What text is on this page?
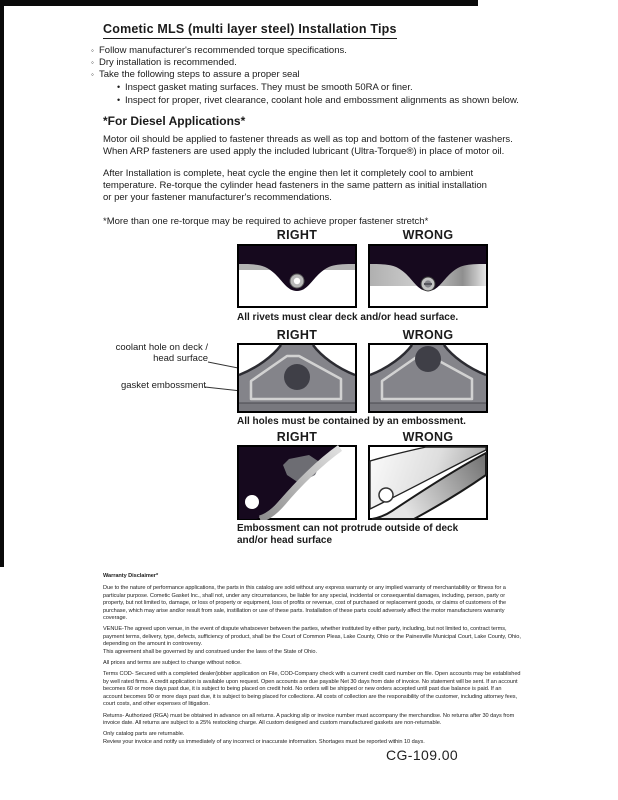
Cometic MLS (multi layer steel) Installation Tips
◦ Follow manufacturer's recommended torque specifications.
◦ Dry installation is recommended.
◦ Take the following steps to assure a proper seal
• Inspect gasket mating surfaces. They must be smooth 50RA or finer.
• Inspect for proper, rivet clearance, coolant hole and embossment alignments as shown below.
*For Diesel Applications*
Motor oil should be applied to fastener threads as well as top and bottom of the fastener washers.
When ARP fasteners are used apply the included lubricant (Ultra-Torque®) in place of motor oil.
After Installation is complete, heat cycle the engine then let it completely cool to ambient
temperature. Re-torque the cylinder head fasteners in the same pattern as initial installation
or per your fastener manufacturer's recommendations.
*More than one re-torque may be required to achieve proper fastener stretch*
RIGHT	WRONG
All rivets must clear deck and/or head surface.
RIGHT	WRONG
coolant hole on deck / head surface
gasket embossment
All holes must be contained by an embossment.
RIGHT	WRONG
Embossment can not protrude outside of deck and/or head surface
Warranty Disclaimer*

Due to the nature of performance applications, the parts in this catalog are sold without any express warranty or any implied warranty of merchantability or fitness for a particular purpose. Cometic Gasket Inc., shall not, under any circumstances, be liable for any special, incidental or consequential damages, including, person, party or property, but not limited to, damage, or loss of property or equipment, loss of profits or revenue, cost of purchased or replacement goods, or claims of customers of the purchase, which may arise and/or result from sale, instillation or use of these parts. Installation of these parts could adversely affect the motor manufacturers warranty coverage.

VENUE-The agreed upon venue, in the event of dispute whatsoever between the parties, whether instituted by either party, including, but not limited to, contract terms, payment terms, delivery, type, defects, sufficiency of product, shall be the Court of Common Pleas, Lake County, Ohio or the Painesville Municipal Court, Lake County, Ohio, depending on the amount in controversy.

This agreement shall be governed by and construed under the laws of the State of Ohio.

All prices and terms are subject to change without notice.

Terms COD- Secured with a completed dealer/jobber application on File, COD-Company check with a current credit card number on file. Open accounts may be established by well rated firms. A credit application is available upon request. Open accounts are due payable Net 30 days from date of invoice. No statement will be sent. If an account becomes 60 or more days past due, it is subject to being placed on credit hold. No orders will be shipped or new orders accepted until past due balance is paid. If an account becomes 90 or more days past due, it is subject to being placed for collections. All costs of collection are the responsibility of the customer, including attorney fees, court costs, and other expenses of litigation.

Returns- Authorized (RGA) must be obtained in advance on all returns. A packing slip or invoice number must accompany the merchandise. No returns after 30 days from invoice date. All returns are subject to a 25% restocking charge. All custom designed and custom manufactured gaskets are non-returnable.

Only catalog parts are returnable.

Review your invoice and notify us immediately of any incorrect or inaccurate information. Shortages must be reported within 10 days.

CG-109.00
